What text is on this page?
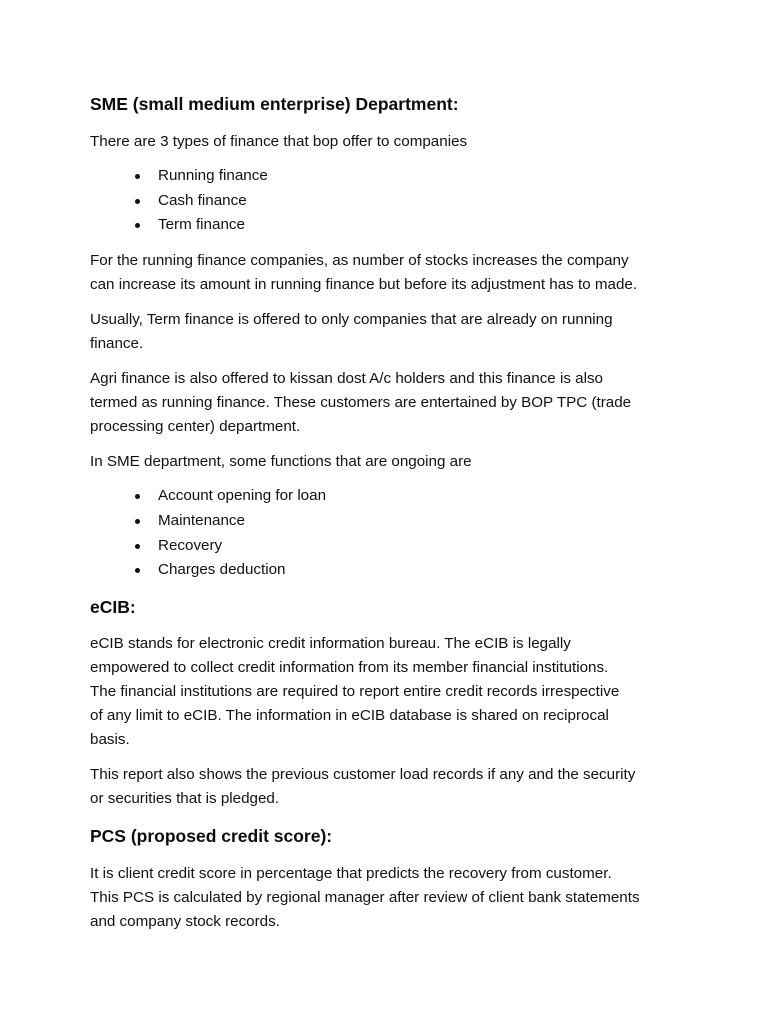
SME (small medium enterprise) Department:

There are 3 types of finance that bop offer to companies

Running finance
Cash finance
Term finance

For the running finance companies, as number of stocks increases the company

can increase its amount in running finance but before its adjustment has to made.

Usually, Term finance is offered to only companies that are already on running

finance.

Agri finance is also offered to kissan dost A/c holders and this finance is also

termed as running finance. These customers are entertained by BOP TPC (trade

processing center) department.

In SME department, some functions that are ongoing are

Account opening for loan
Maintenance
Recovery
Charges deduction
eCIB:

eCIB stands for electronic credit information bureau. The eCIB is legally

empowered to collect credit information from its member financial institutions.

The financial institutions are required to report entire credit records irrespective

of any limit to eCIB. The information in eCIB database is shared on reciprocal

basis.

This report also shows the previous customer load records if any and the security

or securities that is pledged.

PCS (proposed credit score):

It is client credit score in percentage that predicts the recovery from customer.

This PCS is calculated by regional manager after review of client bank statements

and company stock records.
